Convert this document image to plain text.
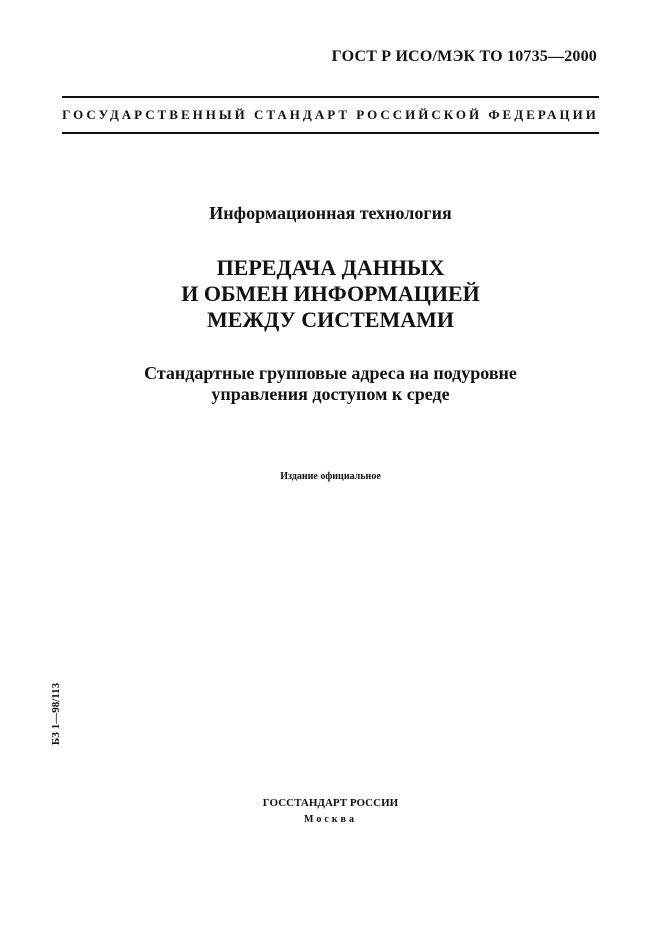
ГОСТ Р ИСО/МЭК ТО 10735—2000
ГОСУДАРСТВЕННЫЙ СТАНДАРТ РОССИЙСКОЙ ФЕДЕРАЦИИ
Информационная технология
ПЕРЕДАЧА ДАННЫХ
И ОБМЕН ИНФОРМАЦИЕЙ
МЕЖДУ СИСТЕМАМИ
Стандартные групповые адреса на подуровне
управления доступом к среде
Издание официальное
БЗ 1—98/113
ГОССТАНДАРТ РОССИИ
Москва
